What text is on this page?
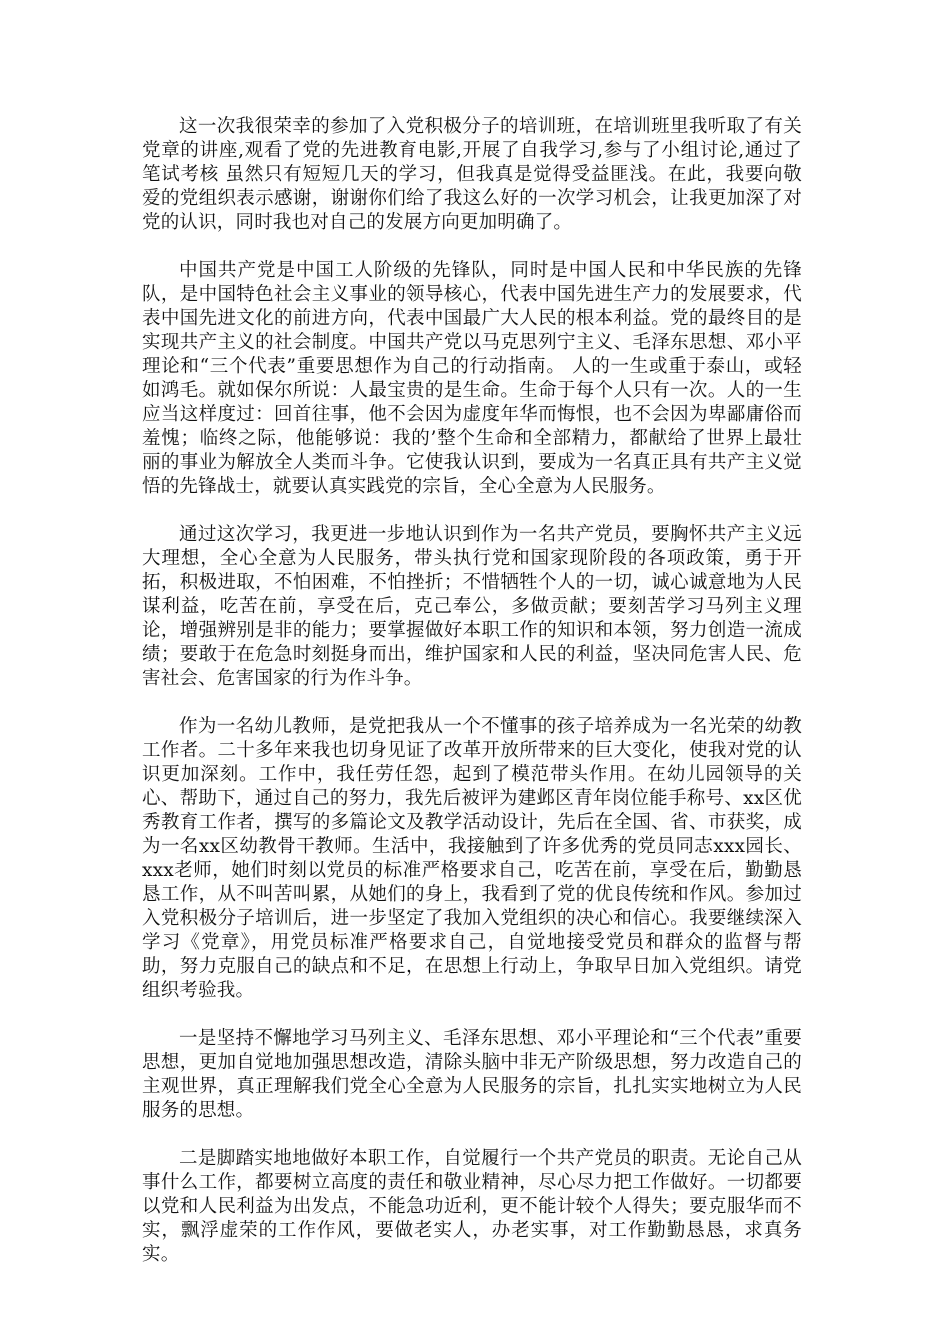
这一次我很荣幸的参加了入党积极分子的培训班，在培训班里我听取了有关党章的讲座,观看了党的先进教育电影,开展了自我学习,参与了小组讨论,通过了笔试考核 虽然只有短短几天的学习，但我真是觉得受益匪浅。在此，我要向敬爱的党组织表示感谢，谢谢你们给了我这么好的一次学习机会，让我更加深了对党的认识，同时我也对自己的发展方向更加明确了。

中国共产党是中国工人阶级的先锋队，同时是中国人民和中华民族的先锋队，是中国特色社会主义事业的领导核心，代表中国先进生产力的发展要求，代表中国先进文化的前进方向，代表中国最广大人民的根本利益。党的最终目的是实现共产主义的社会制度。中国共产党以马克思列宁主义、毛泽东思想、邓小平理论和“三个代表”重要思想作为自己的行动指南。 人的一生或重于泰山，或轻如鸿毛。就如保尔所说：人最宝贵的是生命。生命于每个人只有一次。人的一生应当这样度过：回首往事，他不会因为虚度年华而悔恨，也不会因为卑鄙庸俗而羞愧；临终之际，他能够说：我的’整个生命和全部精力，都献给了世界上最壮丽的事业为解放全人类而斗争。它使我认识到，要成为一名真正具有共产主义觉悟的先锋战士，就要认真实践党的宗旨，全心全意为人民服务。

通过这次学习，我更进一步地认识到作为一名共产党员，要胸怀共产主义远大理想，全心全意为人民服务，带头执行党和国家现阶段的各项政策，勇于开拓，积极进取，不怕困难，不怕挫折；不惜牺牲个人的一切，诚心诚意地为人民谋利益，吃苦在前，享受在后，克己奉公，多做贡献；要刻苦学习马列主义理论，增强辨别是非的能力；要掌握做好本职工作的知识和本领，努力创造一流成绩；要敢于在危急时刻挺身而出，维护国家和人民的利益，坚决同危害人民、危害社会、危害国家的行为作斗争。

作为一名幼儿教师，是党把我从一个不懂事的孩子培养成为一名光荣的幼教工作者。二十多年来我也切身见证了改革开放所带来的巨大变化，使我对党的认识更加深刻。工作中，我任劳任怨，起到了模范带头作用。在幼儿园领导的关心、帮助下，通过自己的努力，我先后被评为建邺区青年岗位能手称号、xx区优秀教育工作者，撰写的多篇论文及教学活动设计，先后在全国、省、市获奖，成为一名xx区幼教骨干教师。生活中，我接触到了许多优秀的党员同志xxx园长、xxx老师，她们时刻以党员的标准严格要求自己，吃苦在前，享受在后，勤勤恳恳工作，从不叫苦叫累，从她们的身上，我看到了党的优良传统和作风。参加过入党积极分子培训后，进一步坚定了我加入党组织的决心和信心。我要继续深入学习《党章》，用党员标准严格要求自己，自觉地接受党员和群众的监督与帮助，努力克服自己的缺点和不足，在思想上行动上，争取早日加入党组织。请党组织考验我。

一是坚持不懈地学习马列主义、毛泽东思想、邓小平理论和“三个代表”重要思想，更加自觉地加强思想改造，清除头脑中非无产阶级思想，努力改造自己的主观世界，真正理解我们党全心全意为人民服务的宗旨，扎扎实实地树立为人民服务的思想。

二是脚踏实地地做好本职工作，自觉履行一个共产党员的职责。无论自己从事什么工作，都要树立高度的责任和敬业精神，尽心尽力把工作做好。一切都要以党和人民利益为出发点，不能急功近利，更不能计较个人得失；要克服华而不实，飘浮虚荣的工作作风，要做老实人，办老实事，对工作勤勤恳恳，求真务实。
